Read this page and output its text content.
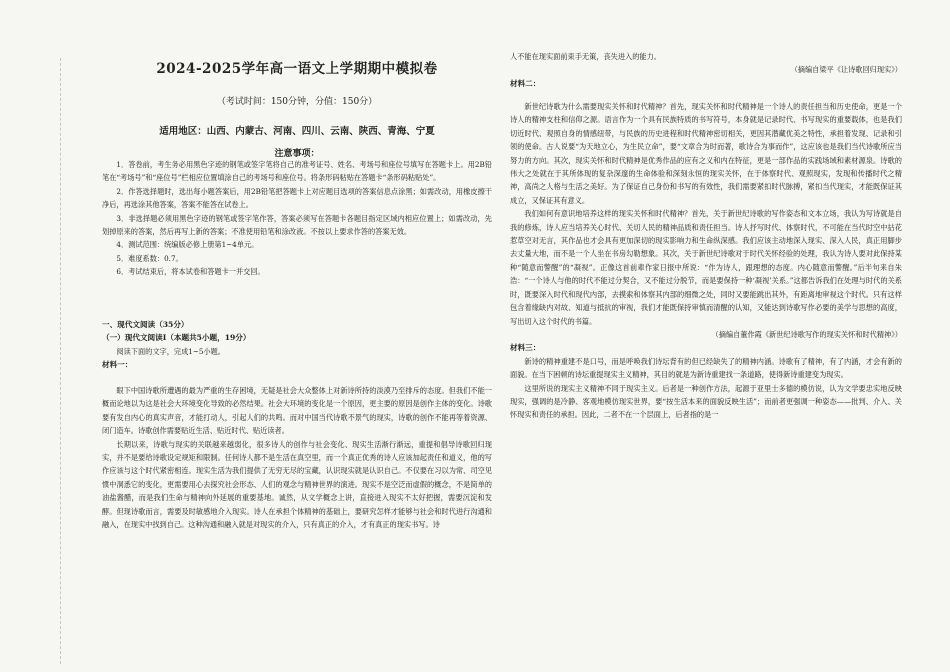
2024-2025学年高一语文上学期期中模拟卷
（考试时间：150分钟，分值：150分）
适用地区：山西、内蒙古、河南、四川、云南、陕西、青海、宁夏
注意事项：

1．答卷前，考生务必用黑色字迹的钢笔或签字笔将自己的准考证号、姓名、考场号和座位号填写在答题卡上。用2B铅笔在“考场号”和“座位号”栏相应位置填涂自己的考场号和座位号。将条形码粘贴在答题卡“条形码粘贴处”。

2．作答选择题时，选出每小题答案后，用2B铅笔把答题卡上对应题目选项的答案信息点涂黑；如需改动，用橡皮擦干净后，再选涂其他答案，答案不能答在试卷上。

3．非选择题必须用黑色字迹的钢笔或签字笔作答，答案必须写在答题卡各题目指定区域内相应位置上；如需改动，先划掉原来的答案，然后再写上新的答案；不准使用铅笔和涂改液。不按以上要求作答的答案无效。

4．测试范围：统编版必修上册第1~4单元。

5．难度系数：0.7。

6．考试结束后，将本试卷和答题卡一并交回。

一、现代文阅读（35分）

（一）现代文阅读Ⅰ（本题共5小题，19分）

阅读下面的文字，完成1~5小题。

材料一：

眼下中国诗歌所遭遇的最为严重的生存困境，无疑是社会大众整体上对新诗所持的淡漠乃至排斥的态度。但我们不能一概而论地以为这是社会大环境变化导致的必然结果。社会大环境的变化是一个原因，更主要的原因是创作主体的变化。诗歌要有发自内心的真实声音，才能打动人，引起人们的共鸣。而对中国当代诗歌不景气的现实，诗歌的创作不能再等着资源、闭门造车。诗歌创作需要贴近生活、贴近时代、贴近读者。

长期以来，诗歌与现实的关联越来越弱化，很多诗人的创作与社会变化、现实生活渐行渐远，重提和倡导诗歌回归现实，并不是要给诗歌设定规矩和限制。任何诗人都不是生活在真空里，而一个真正优秀的诗人应该加起责任和道义，他的写作应该与这个时代紧密相连。现实生活为我们提供了无穷无尽的宝藏，认识现实就是认识自己。不仅要在习以为常、司空见惯中洞悉它的变化，更需要用心去探究社会形态、人们的观念与精神世界的演进。现实不是空泛而虚假的概念，不是简单的油盐酱醋，而是我们生命与精神向外延展的重要基地。诚然，从文学概念上讲，直接进入现实不太好把握，需要沉淀和发酵。但现诗歌而言，需要及时敏感地介入现实。诗人在承担个体精神的基础上，要研究怎样才能够与社会和时代进行沟通和融入，在现实中找到自己。这种沟通和融入就是对现实的介入，只有真正的介入，才有真正的现实书写。诗

人不能在现实面前束手无策，丧失进入的能力。

（摘编自梁平《让诗歌回归现实》）

材料二：

新世纪诗歌为什么需要现实关怀和时代精神？首先，现实关怀和时代精神是一个诗人的责任担当和历史使命，更是一个诗人的精神支柱和信仰之源。语言作为一个具有民族特质的书写符号，本身就是记录时代、书写现实的重要载体，也是我们切近时代、观照自身的情感纽带，与民族的历史进程和时代精神密切相关，更因其潜藏优美之特性，承担着发现、记录和引领的使命。古人说要“为天地立心，为生民立命”，要“文章合为时而著，歌诗合为事而作”，这应该也是我们当代诗歌所应当努力的方向。其次，现实关怀和时代精神是优秀作品的应有之义和内在特征，更是一部作品的实践场域和素材源泉。诗歌的伟大之处就在于其所体现的复杂深邃的生命体验和深刻永恒的现实关怀，在于体察时代、观照现实，发现和传播时代之精神，高尚之人格与生活之美好。为了保证自己身份和书写的有效性，我们需要紧扣时代脉搏，紧扣当代现实，才能既保证其成立，又保证其有意义。

我们如何有意识地培养这样的现实关怀和时代精神？首先，关于新世纪诗歌的写作姿态和文本立场，我认为写诗就是自我的修炼，诗人应当培养关心时代、关切人民的精神品质和责任担当。诗人抒写时代、体察时代，不可能在当代时空中拈花惹草空对无言，其作品也才会具有更加深切的现实影响力和生命纵深感。我们应该主动地深入现实、深入人民，真正用脚步去丈量大地，而不是一个人坐在书房勾勒想象。其次，关于新世纪诗歌对于时代关怀经验的处理，我认为诗人要对此保持某种“随意而警醒”的“凝视”。正像这首前辈作家日报中所说：“作为诗人，跟理想的态度。内心随意而警醒。”后半句来自朱浩：“一个诗人与他的时代不能过分契合，又不能过分脱节，而是要保持一种‘凝视’关系。”这都告诉我们在处理与时代的关系时，既要深入时代和现代内部，去摸索和体察其内部的细微之处，同时又要能跳出其外，有距离地审视这个时代。只有这样包含着缘缺内对故、知道与抵抗的审视，我们才能既保持审慎而清醒的认知，又能达到诗歌写作必要的美学与思想的高度，写出切入这个时代的书篇。

（摘编自董作霞《新世纪诗歌写作的现实关怀和时代精神》）

材料三：

新诗的精神重建不是口号，而是呼唤我们诗坛背有的但已经缺失了的精神内涵。诗歌有了精神，有了内涵，才会有新的面貌。在当下困顿的诗坛重提现实主义精神，其目的就是为新诗重建找一条道路，使得新诗重建变为现实。

这里所说的现实主义精神不同于现实主义。后者是一种创作方法，起源于亚里士多德的模仿说，认为文学要忠实地反映现实，强调的是冷静、客观地模仿现实世界，要“按生活本来的面貌反映生活”；而前者更强调一种姿态——批判、介入、关怀现实和责任的承担。因此，二者不在一个层面上，后者指的是一
